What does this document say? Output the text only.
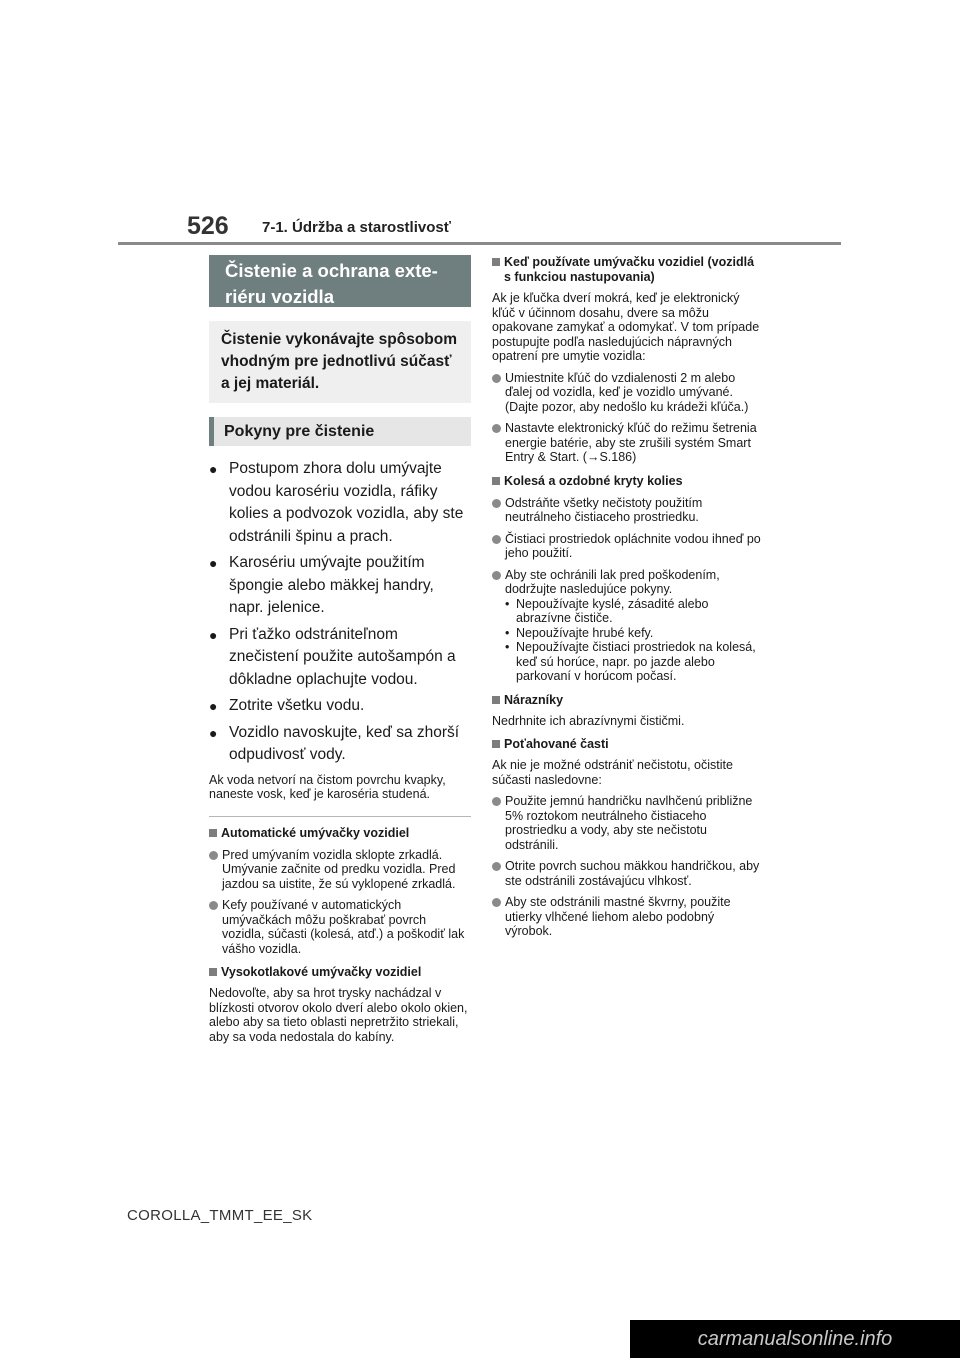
526 7-1. Údržba a starostlivosť
Čistenie a ochrana exte-riéru vozidla
Čistenie vykonávajte spôsobom vhodným pre jednotlivú súčasť a jej materiál.
Pokyny pre čistenie
● Postupom zhora dolu umývajte vodou karosériu vozidla, ráfiky kolies a podvozok vozidla, aby ste odstránili špinu a prach.
● Karosériu umývajte použitím špongie alebo mäkkej handry, napr. jelenice.
● Pri ťažko odstrániteľnom znečistení použite autošampón a dôkladne oplachujte vodou.
● Zotrite všetku vodu.
● Vozidlo navoskujte, keď sa zhorší odpudivosť vody.
Ak voda netvorí na čistom povrchu kvapky, naneste vosk, keď je karoséria studená.
Automatické umývačky vozidiel
Pred umývaním vozidla sklopte zrkadlá. Umývanie začnite od predku vozidla. Pred jazdou sa uistite, že sú vyklopené zrkadlá.
Kefy používané v automatických umývačkách môžu poškrabať povrch vozidla, súčasti (kolesá, atď.) a poškodiť lak vášho vozidla.
Vysokotlakové umývačky vozidiel
Nedovoľte, aby sa hrot trysky nachádzal v blízkosti otvorov okolo dverí alebo okolo okien, alebo aby sa tieto oblasti nepretržito striekali, aby sa voda nedostala do kabíny.
Keď používate umývačku vozidiel (vozidlá s funkciou nastupovania)
Ak je kľučka dverí mokrá, keď je elektronický kľúč v účinnom dosahu, dvere sa môžu opakovane zamykať a odomykať. V tom prípade postupujte podľa nasledujúcich nápravných opatrení pre umytie vozidla:
Umiestnite kľúč do vzdialenosti 2 m alebo ďalej od vozidla, keď je vozidlo umývané. (Dajte pozor, aby nedošlo ku krádeži kľúča.)
Nastavte elektronický kľúč do režimu šetrenia energie batérie, aby ste zrušili systém Smart Entry & Start. (→S.186)
Kolesá a ozdobné kryty kolies
Odstráňte všetky nečistoty použitím neutrálneho čistiaceho prostriedku.
Čistiaci prostriedok opláchnite vodou ihneď po jeho použití.
Aby ste ochránili lak pred poškodením, dodržujte nasledujúce pokyny.
• Nepoužívajte kyslé, zásadité alebo abrazívne čističe.
• Nepoužívajte hrubé kefy.
• Nepoužívajte čistiaci prostriedok na kolesá, keď sú horúce, napr. po jazde alebo parkovaní v horúcom počasí.
Nárazníky
Nedrhnite ich abrazívnymi čističmi.
Poťahované časti
Ak nie je možné odstrániť nečistotu, očistite súčasti nasledovne:
Použite jemnú handričku navlhčenú približne 5% roztokom neutrálneho čistiaceho prostriedku a vody, aby ste nečistotu odstránili.
Otrite povrch suchou mäkkou handričkou, aby ste odstránili zostávajúcu vlhkosť.
Aby ste odstránili mastné škvrny, použite utierky vlhčené liehom alebo podobný výrobok.
COROLLA_TMMT_EE_SK
carmanualsonline.info
